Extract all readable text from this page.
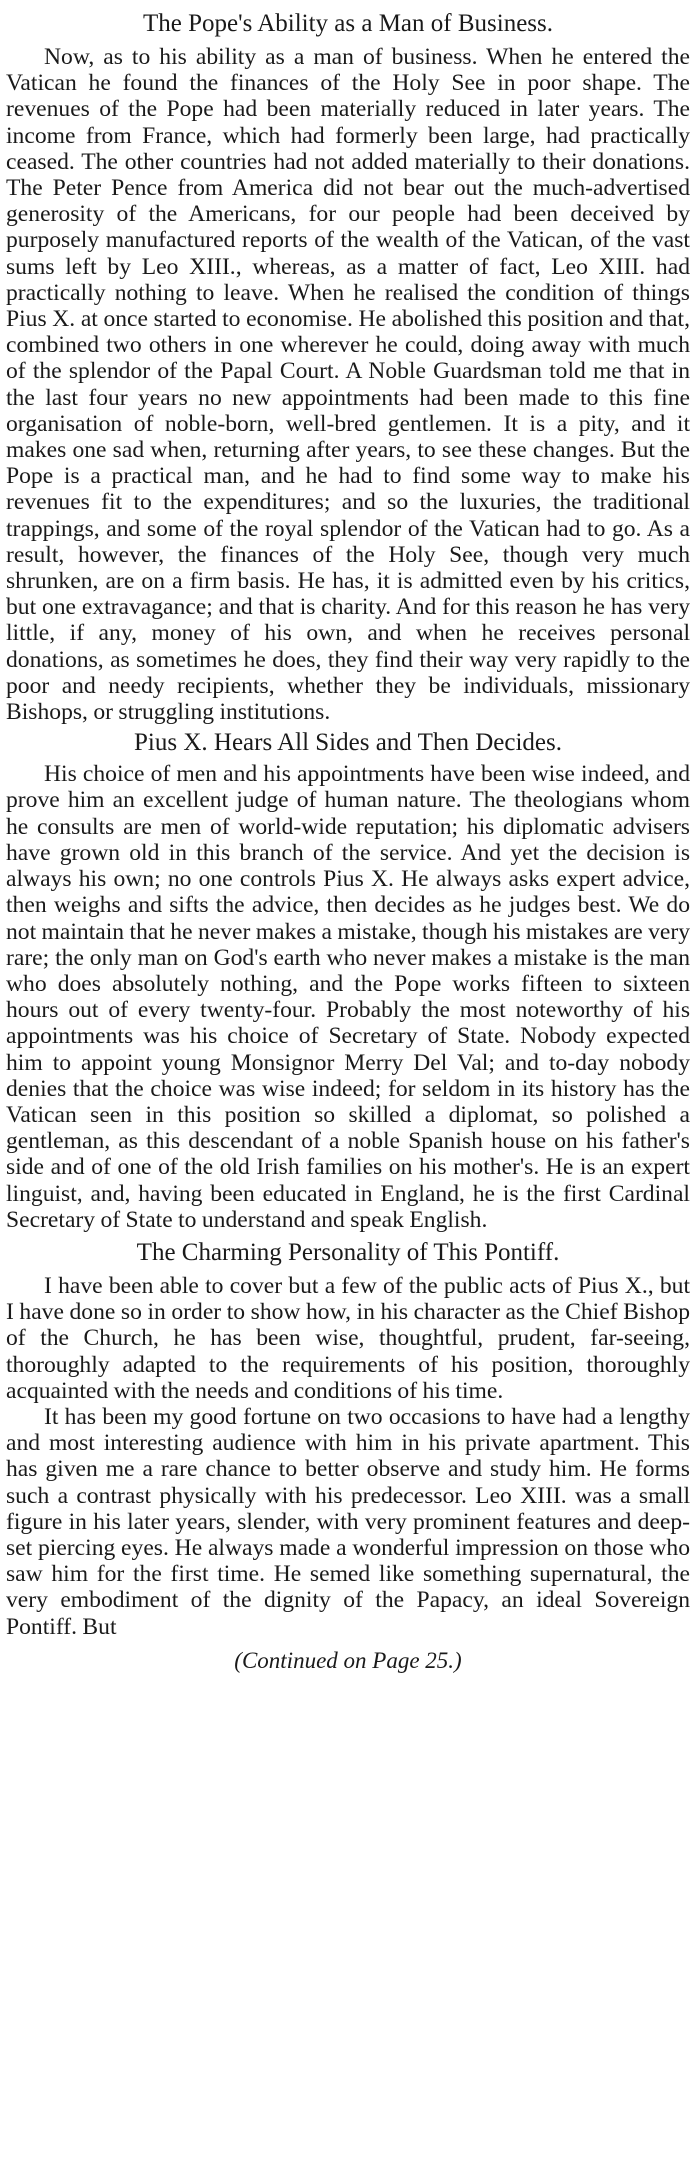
The Pope's Ability as a Man of Business.

Now, as to his ability as a man of business. When he entered the Vatican he found the finances of the Holy See in poor shape. The revenues of the Pope had been materially reduced in later years. The income from France, which had formerly been large, had practically ceased. The other countries had not added materially to their donations. The Peter Pence from America did not bear out the much-advertised generosity of the Americans, for our people had been deceived by purposely manufactured reports of the wealth of the Vatican, of the vast sums left by Leo XIII., whereas, as a matter of fact, Leo XIII. had practically nothing to leave. When he realised the condition of things Pius X. at once started to economise. He abolished this position and that, combined two others in one wherever he could, doing away with much of the splendor of the Papal Court. A Noble Guardsman told me that in the last four years no new appointments had been made to this fine organisation of noble-born, well-bred gentlemen. It is a pity, and it makes one sad when, returning after years, to see these changes. But the Pope is a practical man, and he had to find some way to make his revenues fit to the expenditures; and so the luxuries, the traditional trappings, and some of the royal splendor of the Vatican had to go. As a result, however, the finances of the Holy See, though very much shrunken, are on a firm basis. He has, it is admitted even by his critics, but one extravagance; and that is charity. And for this reason he has very little, if any, money of his own, and when he receives personal donations, as sometimes he does, they find their way very rapidly to the poor and needy recipients, whether they be individuals, missionary Bishops, or struggling institutions.

Pius X. Hears All Sides and Then Decides.

His choice of men and his appointments have been wise indeed, and prove him an excellent judge of human nature. The theologians whom he consults are men of world-wide reputation; his diplomatic advisers have grown old in this branch of the service. And yet the decision is always his own; no one controls Pius X. He always asks expert advice, then weighs and sifts the advice, then decides as he judges best. We do not maintain that he never makes a mistake, though his mistakes are very rare; the only man on God's earth who never makes a mistake is the man who does absolutely nothing, and the Pope works fifteen to sixteen hours out of every twenty-four. Probably the most noteworthy of his appointments was his choice of Secretary of State. Nobody expected him to appoint young Monsignor Merry Del Val; and to-day nobody denies that the choice was wise indeed; for seldom in its history has the Vatican seen in this position so skilled a diplomat, so polished a gentleman, as this descendant of a noble Spanish house on his father's side and of one of the old Irish families on his mother's. He is an expert linguist, and, having been educated in England, he is the first Cardinal Secretary of State to understand and speak English.

The Charming Personality of This Pontiff.

I have been able to cover but a few of the public acts of Pius X., but I have done so in order to show how, in his character as the Chief Bishop of the Church, he has been wise, thoughtful, prudent, far-seeing, thoroughly adapted to the requirements of his position, thoroughly acquainted with the needs and conditions of his time.

It has been my good fortune on two occasions to have had a lengthy and most interesting audience with him in his private apartment. This has given me a rare chance to better observe and study him. He forms such a contrast physically with his predecessor. Leo XIII. was a small figure in his later years, slender, with very prominent features and deep-set piercing eyes. He always made a wonderful impression on those who saw him for the first time. He semed like something supernatural, the very embodiment of the dignity of the Papacy, an ideal Sovereign Pontiff. But

(Continued on Page 25.)
